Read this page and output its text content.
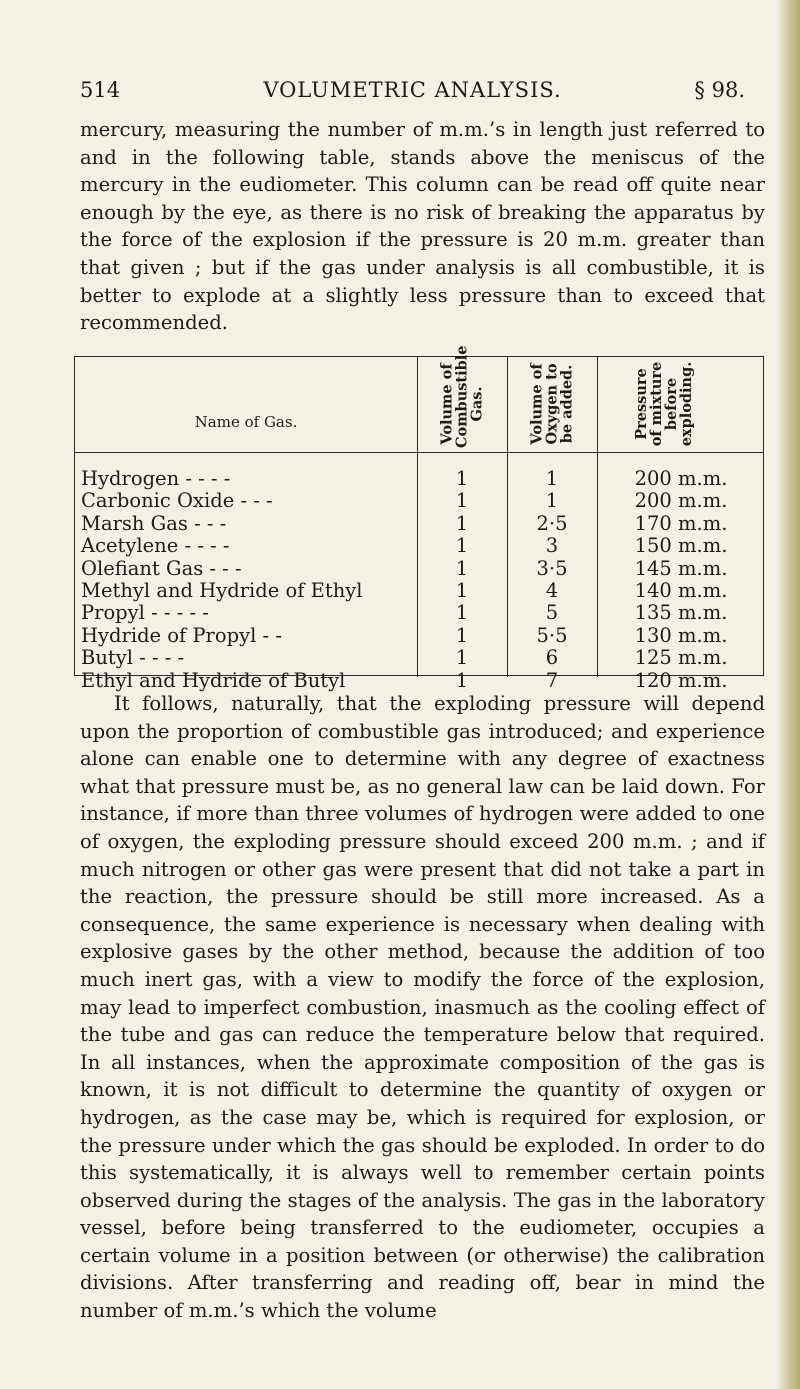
514	VOLUMETRIC ANALYSIS.	§ 98.

mercury, measuring the number of m.m.’s in length just referred to and in the following table, stands above the meniscus of the mercury in the eudiometer. This column can be read off quite near enough by the eye, as there is no risk of breaking the apparatus by the force of the explosion if the pressure is 20 m.m. greater than that given ; but if the gas under analysis is all combustible, it is better to explode at a slightly less pressure than to exceed that recommended.

Name of Gas.	Volume of Combustible Gas.	Volume of Oxygen to be added.	Pressure of mixture before exploding.
Hydrogen - - - -	1	1	200 m.m.
Carbonic Oxide - - -	1	1	200 m.m.
Marsh Gas - - -	1	2·5	170 m.m.
Acetylene - - - -	1	3	150 m.m.
Olefiant Gas - - -	1	3·5	145 m.m.
Methyl and Hydride of Ethyl	1	4	140 m.m.
Propyl - - - - -	1	5	135 m.m.
Hydride of Propyl - -	1	5·5	130 m.m.
Butyl - - - -	1	6	125 m.m.
Ethyl and Hydride of Butyl	1	7	120 m.m.

It follows, naturally, that the exploding pressure will depend upon the proportion of combustible gas introduced; and experience alone can enable one to determine with any degree of exactness what that pressure must be, as no general law can be laid down. For instance, if more than three volumes of hydrogen were added to one of oxygen, the exploding pressure should exceed 200 m.m. ; and if much nitrogen or other gas were present that did not take a part in the reaction, the pressure should be still more increased. As a consequence, the same experience is necessary when dealing with explosive gases by the other method, because the addition of too much inert gas, with a view to modify the force of the explosion, may lead to imperfect combustion, inasmuch as the cooling effect of the tube and gas can reduce the temperature below that required. In all instances, when the approximate composition of the gas is known, it is not difficult to determine the quantity of oxygen or hydrogen, as the case may be, which is required for explosion, or the pressure under which the gas should be exploded. In order to do this systematically, it is always well to remember certain points observed during the stages of the analysis. The gas in the laboratory vessel, before being transferred to the eudiometer, occupies a certain volume in a position between (or otherwise) the calibration divisions. After transferring and reading off, bear in mind the number of m.m.’s which the volume
